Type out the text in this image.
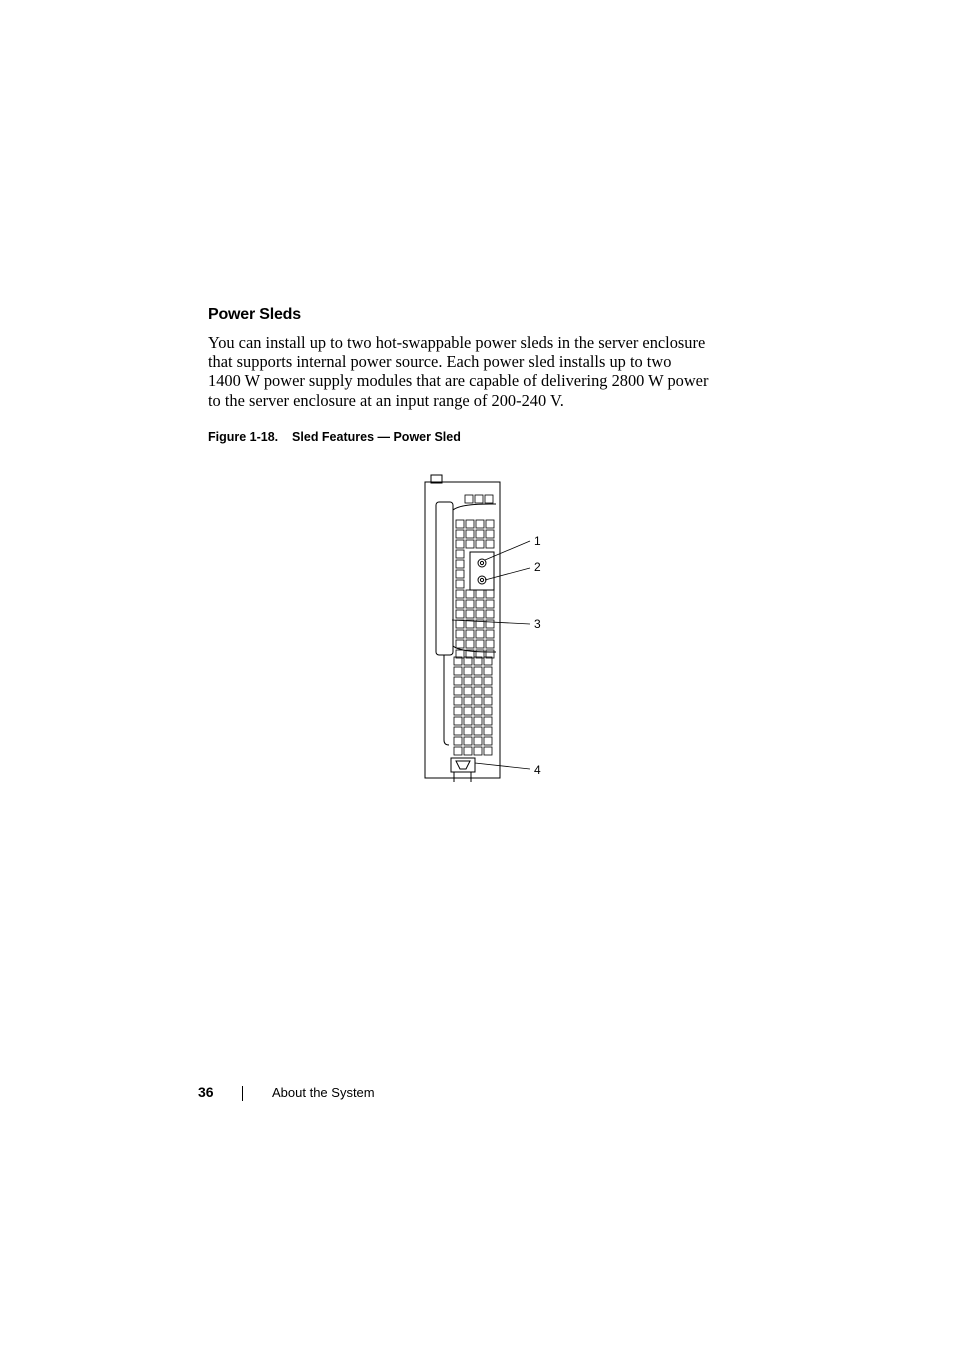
Power Sleds
You can install up to two hot-swappable power sleds in the server enclosure
that supports internal power source. Each power sled installs up to two
1400 W power supply modules that are capable of delivering 2800 W power
to the server enclosure at an input range of 200-240 V.
Figure 1-18.    Sled Features — Power Sled
1
2
3
4
36	About the System
